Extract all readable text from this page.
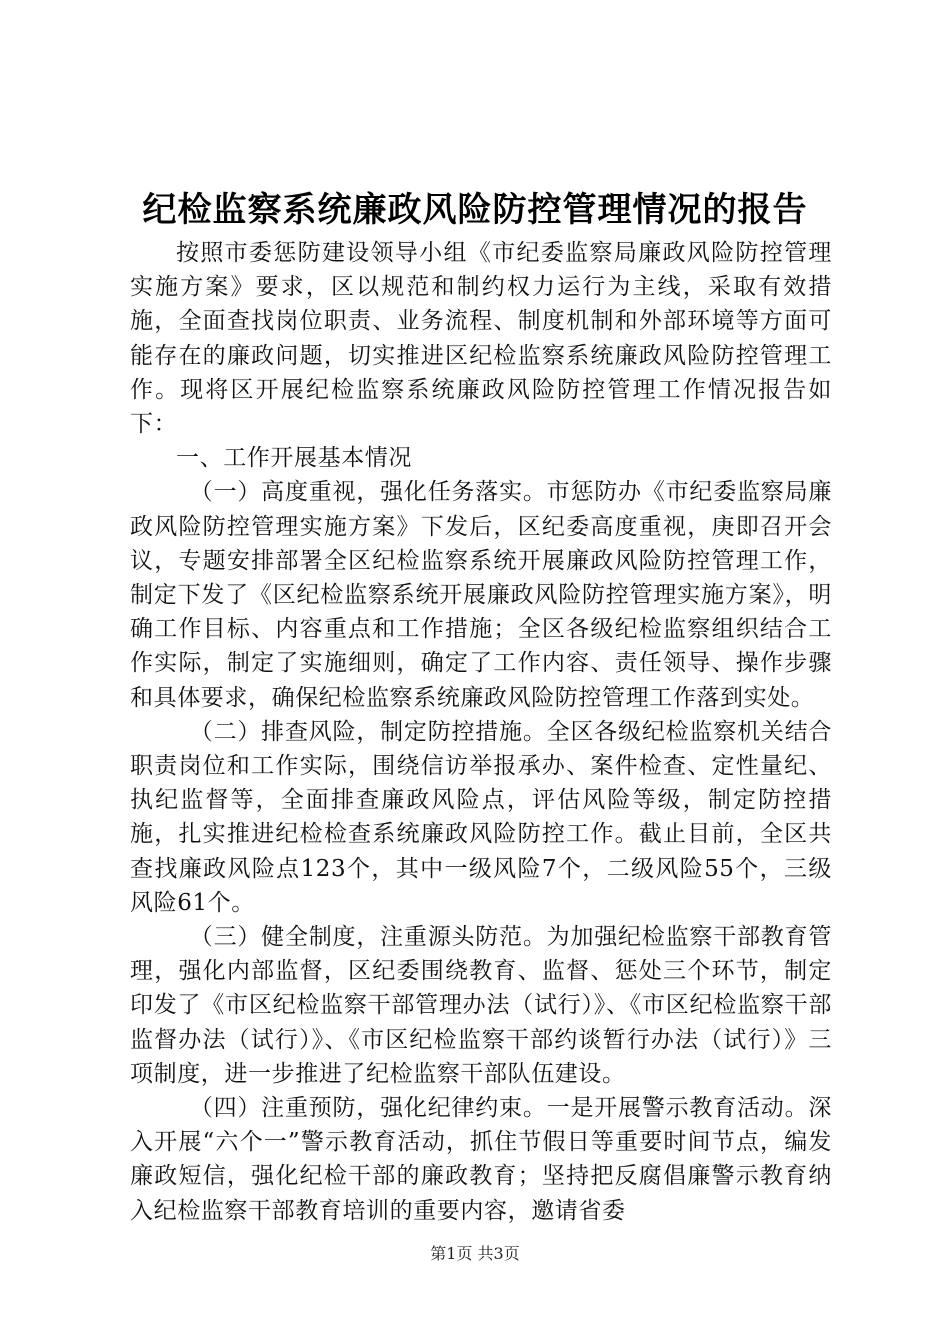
纪检监察系统廉政风险防控管理情况的报告

按照市委惩防建设领导小组《市纪委监察局廉政风险防控管理实施方案》要求，区以规范和制约权力运行为主线，采取有效措施，全面查找岗位职责、业务流程、制度机制和外部环境等方面可能存在的廉政问题，切实推进区纪检监察系统廉政风险防控管理工作。现将区开展纪检监察系统廉政风险防控管理工作情况报告如下：

一、工作开展基本情况

（一）高度重视，强化任务落实。市惩防办《市纪委监察局廉政风险防控管理实施方案》下发后，区纪委高度重视，庚即召开会议，专题安排部署全区纪检监察系统开展廉政风险防控管理工作，制定下发了《区纪检监察系统开展廉政风险防控管理实施方案》，明确工作目标、内容重点和工作措施；全区各级纪检监察组织结合工作实际，制定了实施细则，确定了工作内容、责任领导、操作步骤和具体要求，确保纪检监察系统廉政风险防控管理工作落到实处。

（二）排查风险，制定防控措施。全区各级纪检监察机关结合职责岗位和工作实际，围绕信访举报承办、案件检查、定性量纪、执纪监督等，全面排查廉政风险点，评估风险等级，制定防控措施，扎实推进纪检检查系统廉政风险防控工作。截止目前，全区共查找廉政风险点123个，其中一级风险7个，二级风险55个，三级风险61个。

（三）健全制度，注重源头防范。为加强纪检监察干部教育管理，强化内部监督，区纪委围绕教育、监督、惩处三个环节，制定印发了《市区纪检监察干部管理办法（试行）》、《市区纪检监察干部监督办法（试行）》、《市区纪检监察干部约谈暂行办法（试行）》三项制度，进一步推进了纪检监察干部队伍建设。

（四）注重预防，强化纪律约束。一是开展警示教育活动。深入开展“六个一”警示教育活动，抓住节假日等重要时间节点，编发廉政短信，强化纪检干部的廉政教育；坚持把反腐倡廉警示教育纳入纪检监察干部教育培训的重要内容，邀请省委

第1页 共3页
